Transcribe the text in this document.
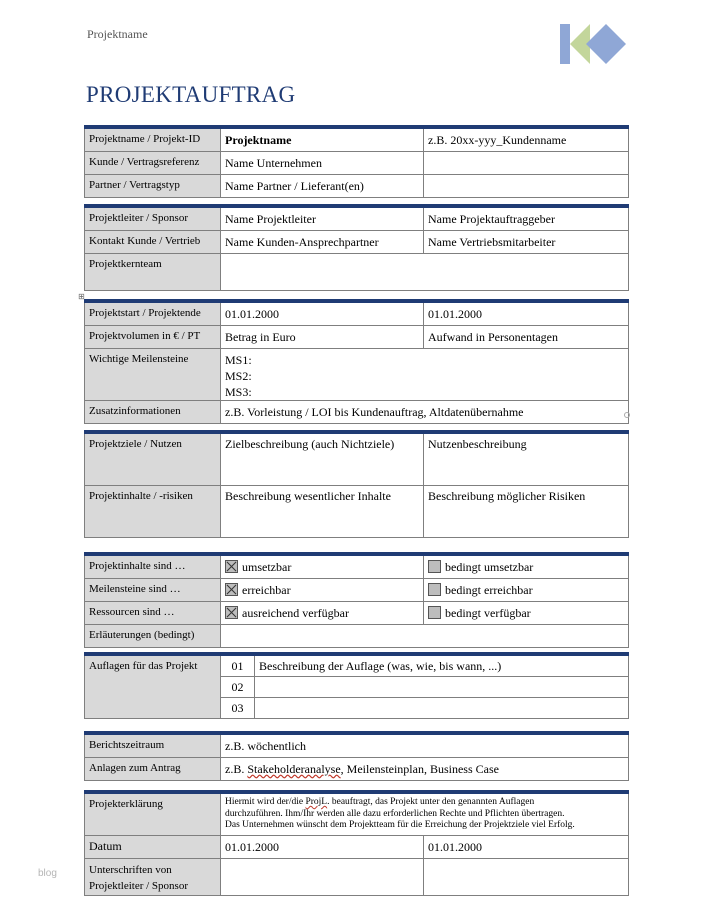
Projektname
PROJEKTAUFTRAG
Projektname / Projekt-ID	Projektname	z.B. 20xx-yyy_Kundenname
Kunde / Vertragsreferenz	Name Unternehmen	
Partner / Vertragstyp	Name Partner / Lieferant(en)	
Projektleiter / Sponsor	Name Projektleiter	Name Projektauftraggeber
Kontakt Kunde / Vertrieb	Name Kunden-Ansprechpartner	Name Vertriebsmitarbeiter
Projektkernteam		
⊞
Projektstart / Projektende	01.01.2000	01.01.2000
Projektvolumen in € / PT	Betrag in Euro	Aufwand in Personentagen
Wichtige Meilensteine	MS1:
MS2:
MS3:	

Zusatzinformationen	z.B. Vorleistung / LOI bis Kundenauftrag, Altdatenübernahme	
Projektziele / Nutzen	Zielbeschreibung (auch Nichtziele)	Nutzenbeschreibung
Projektinhalte / -risiken	Beschreibung wesentlicher Inhalte	Beschreibung möglicher Risiken
Projektinhalte sind …	umsetzbar	bedingt umsetzbar
Meilensteine sind …	erreichbar	bedingt erreichbar
Ressourcen sind …	ausreichend verfügbar	bedingt verfügbar
Erläuterungen (bedingt)		
Auflagen für das Projekt	01	Beschreibung der Auflage (was, wie, bis wann, ...)
	02	
	03	
Berichtszeitraum	z.B. wöchentlich
Anlagen zum Antrag	z.B. Stakeholderanalyse, Meilensteinplan, Business Case
Projekterklärung	Hiermit wird der/die ProjL. beauftragt, das Projekt unter den genannten Auflagen
durchzuführen. Ihm/Ihr werden alle dazu erforderlichen Rechte und Pflichten übertragen.
Das Unternehmen wünscht dem Projektteam für die Erreichung der Projektziele viel Erfolg.	
Datum	01.01.2000	01.01.2000
Unterschriften von
Projektleiter / Sponsor		
blog
